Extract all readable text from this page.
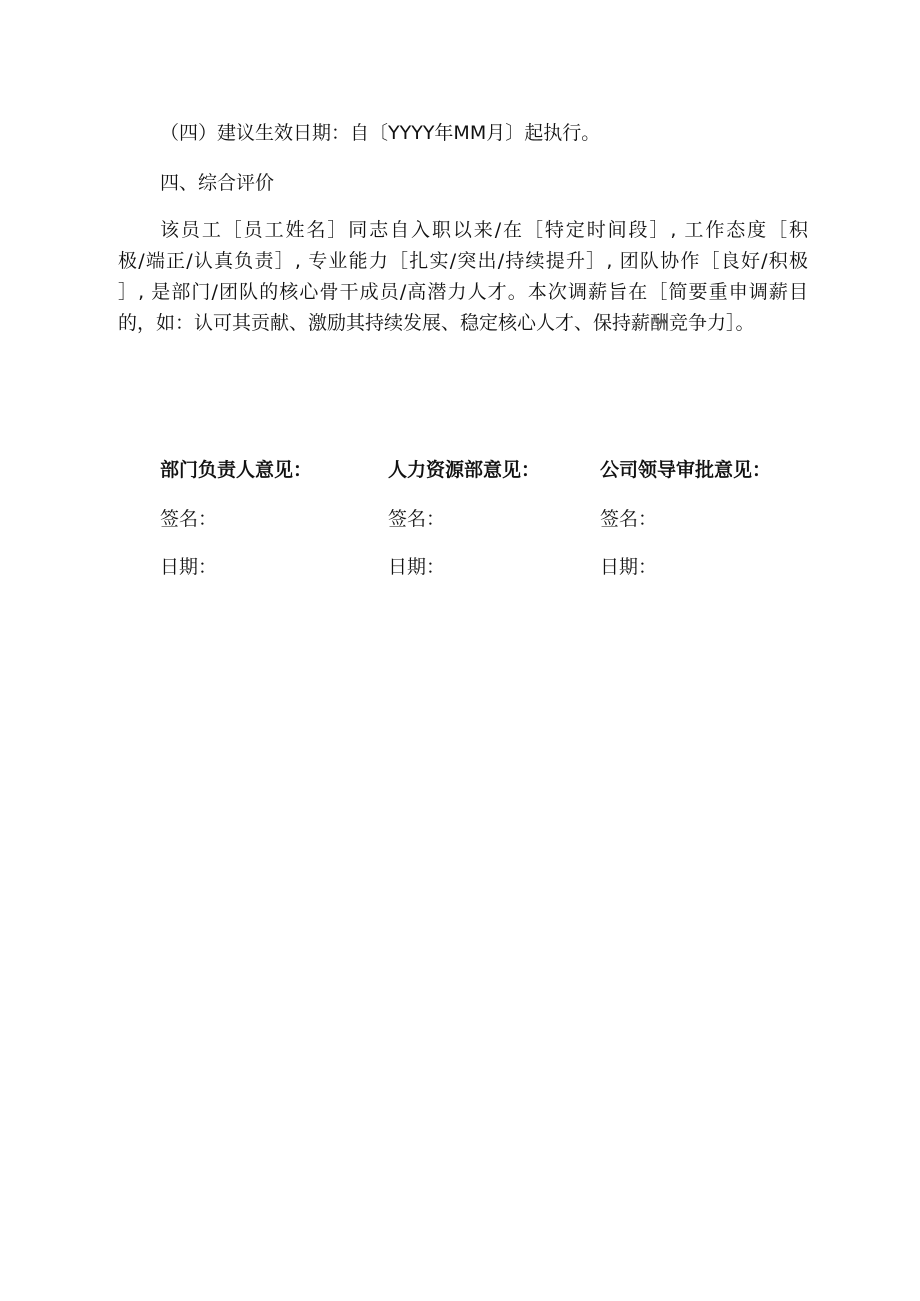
（四）建议生效日期：自〔YYYY年MM月〕起执行。
四、综合评价
该员工［员工姓名］同志自入职以来/在［特定时间段］, 工作态度［积
极/端正/认真负责］, 专业能力［扎实/突出/持续提升］, 团队协作［良好/积极
］, 是部门/团队的核心骨干成员/高潜力人才。本次调薪旨在［简要重申调薪目
的，如：认可其贡献、激励其持续发展、稳定核心人才、保持薪酬竞争力］。
部门负责人意见：	人力资源部意见：	公司领导审批意见：
签名：	签名：	签名：
日期：	日期：	日期：
